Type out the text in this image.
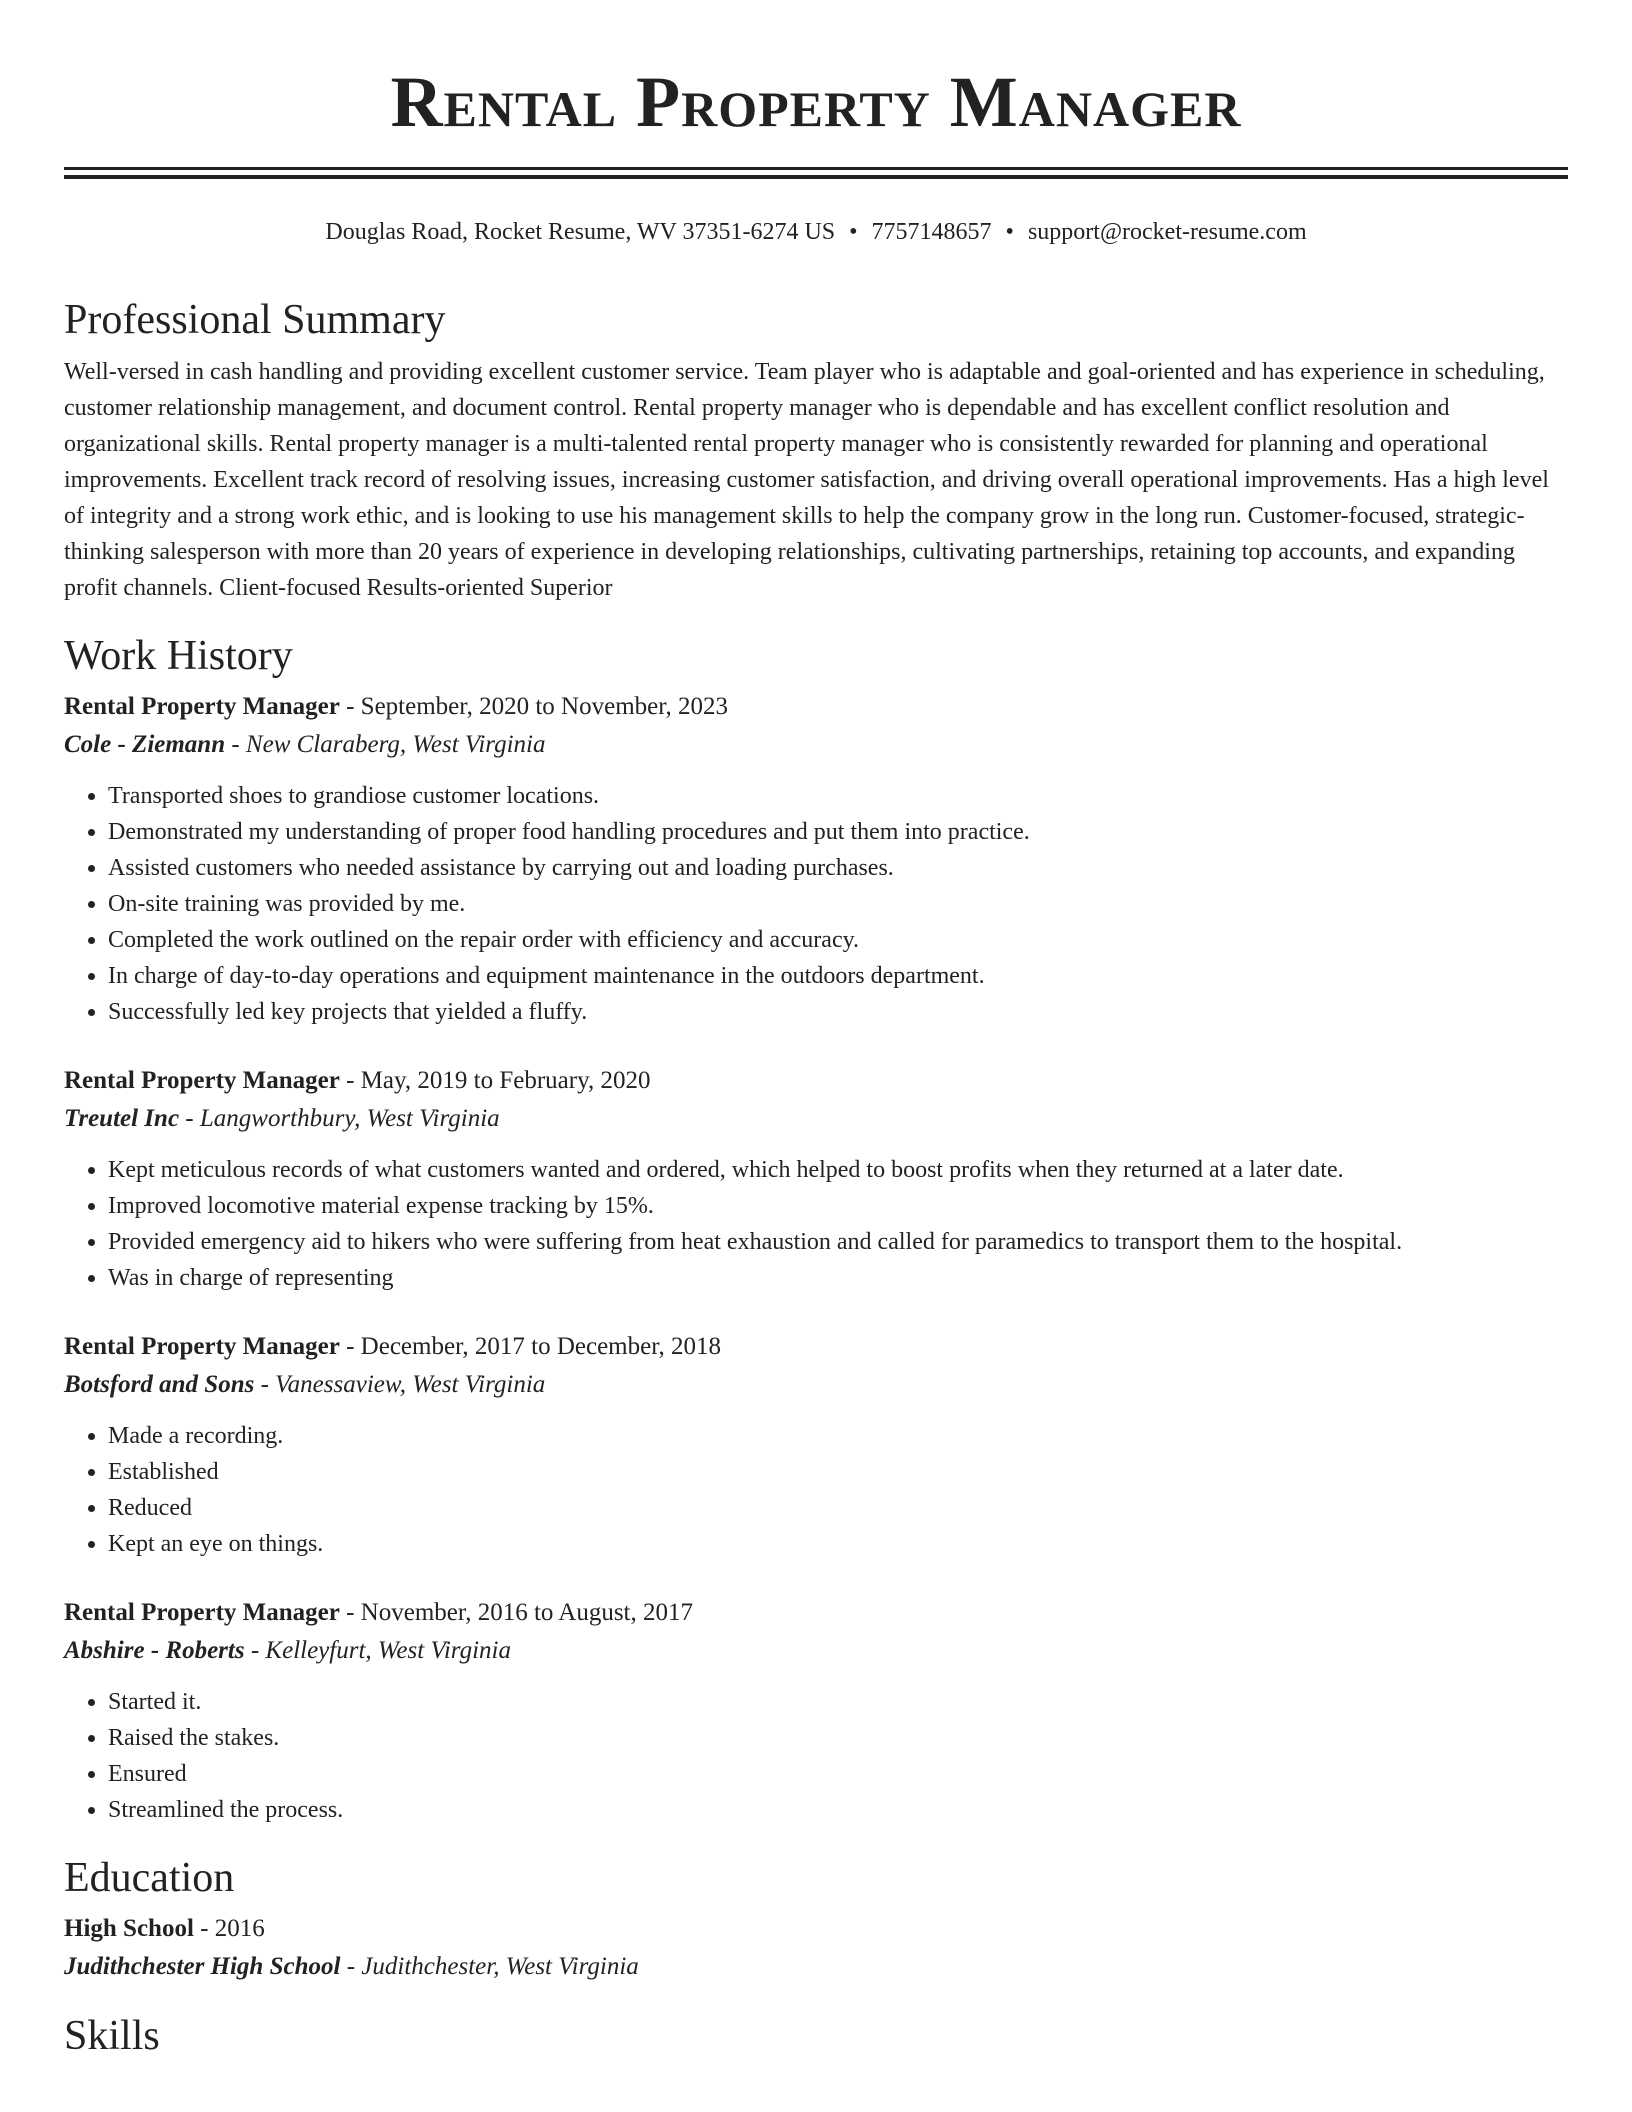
Rental Property Manager
Douglas Road, Rocket Resume, WV 37351-6274 US • 7757148657 • support@rocket-resume.com
Professional Summary

Well-versed in cash handling and providing excellent customer service. Team player who is adaptable and goal-oriented and has experience in scheduling, customer relationship management, and document control. Rental property manager who is dependable and has excellent conflict resolution and organizational skills. Rental property manager is a multi-talented rental property manager who is consistently rewarded for planning and operational improvements. Excellent track record of resolving issues, increasing customer satisfaction, and driving overall operational improvements. Has a high level of integrity and a strong work ethic, and is looking to use his management skills to help the company grow in the long run. Customer-focused, strategic-thinking salesperson with more than 20 years of experience in developing relationships, cultivating partnerships, retaining top accounts, and expanding profit channels. Client-focused Results-oriented Superior

Work History

Rental Property Manager - September, 2020 to November, 2023

Cole - Ziemann - New Claraberg, West Virginia

• Transported shoes to grandiose customer locations.
• Demonstrated my understanding of proper food handling procedures and put them into practice.
• Assisted customers who needed assistance by carrying out and loading purchases.
• On-site training was provided by me.
• Completed the work outlined on the repair order with efficiency and accuracy.
• In charge of day-to-day operations and equipment maintenance in the outdoors department.
• Successfully led key projects that yielded a fluffy.

Rental Property Manager - May, 2019 to February, 2020

Treutel Inc - Langworthbury, West Virginia

• Kept meticulous records of what customers wanted and ordered, which helped to boost profits when they returned at a later date.
• Improved locomotive material expense tracking by 15%.
• Provided emergency aid to hikers who were suffering from heat exhaustion and called for paramedics to transport them to the hospital.
• Was in charge of representing

Rental Property Manager - December, 2017 to December, 2018

Botsford and Sons - Vanessaview, West Virginia

• Made a recording.
• Established
• Reduced
• Kept an eye on things.

Rental Property Manager - November, 2016 to August, 2017

Abshire - Roberts - Kelleyfurt, West Virginia

• Started it.
• Raised the stakes.
• Ensured
• Streamlined the process.
Education

High School - 2016

Judithchester High School - Judithchester, West Virginia

Skills
